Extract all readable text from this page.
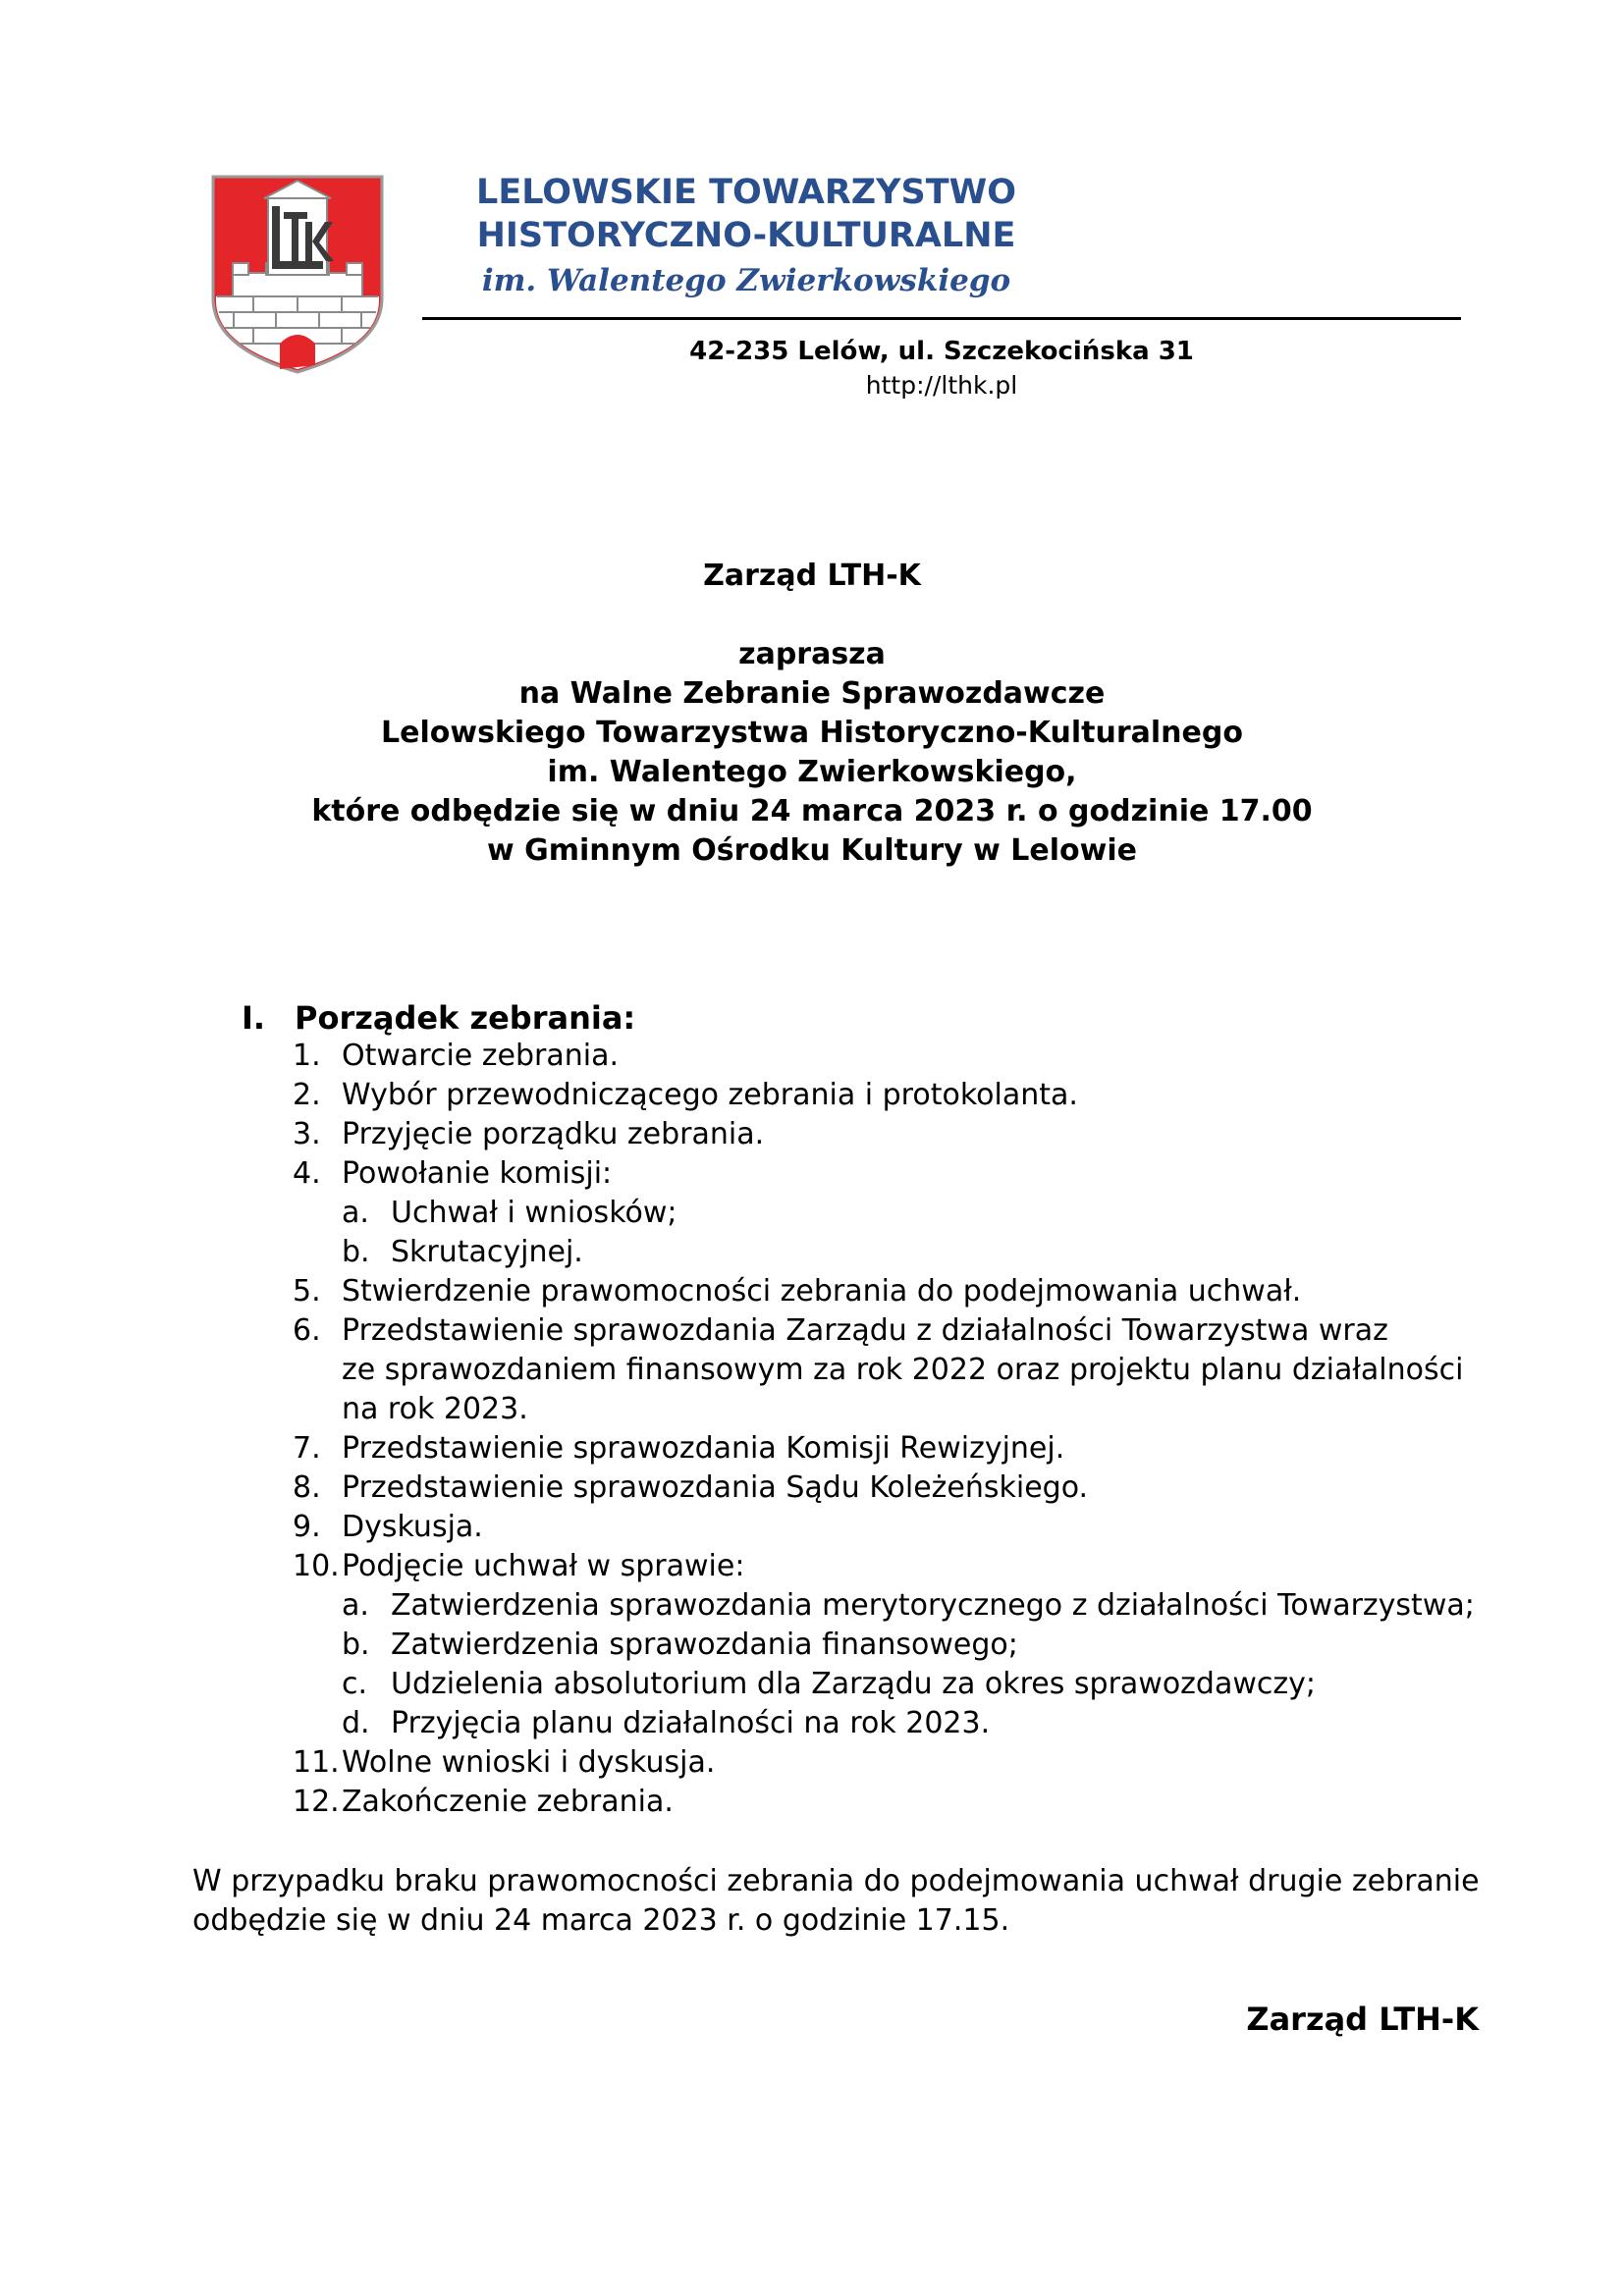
LELOWSKIE TOWARZYSTWO
HISTORYCZNO-KULTURALNE
im. Walentego Zwierkowskiego
42-235 Lelów, ul. Szczekocińska 31
http://lthk.pl
Zarząd LTH-K
zaprasza
na Walne Zebranie Sprawozdawcze
Lelowskiego Towarzystwa Historyczno-Kulturalnego
im. Walentego Zwierkowskiego,
które odbędzie się w dniu 24 marca 2023 r. o godzinie 17.00
w Gminnym Ośrodku Kultury w Lelowie
I. Porządek zebrania:
1. Otwarcie zebrania.
2. Wybór przewodniczącego zebrania i protokolanta.
3. Przyjęcie porządku zebrania.
4. Powołanie komisji:
a. Uchwał i wniosków;
b. Skrutacyjnej.
5. Stwierdzenie prawomocności zebrania do podejmowania uchwał.
6. Przedstawienie sprawozdania Zarządu z działalności Towarzystwa wraz
ze sprawozdaniem finansowym za rok 2022 oraz projektu planu działalności
na rok 2023.
7. Przedstawienie sprawozdania Komisji Rewizyjnej.
8. Przedstawienie sprawozdania Sądu Koleżeńskiego.
9. Dyskusja.
10. Podjęcie uchwał w sprawie:
a. Zatwierdzenia sprawozdania merytorycznego z działalności Towarzystwa;
b. Zatwierdzenia sprawozdania finansowego;
c. Udzielenia absolutorium dla Zarządu za okres sprawozdawczy;
d. Przyjęcia planu działalności na rok 2023.
11. Wolne wnioski i dyskusja.
12. Zakończenie zebrania.
W przypadku braku prawomocności zebrania do podejmowania uchwał drugie zebranie
odbędzie się w dniu 24 marca 2023 r. o godzinie 17.15.
Zarząd LTH-K
